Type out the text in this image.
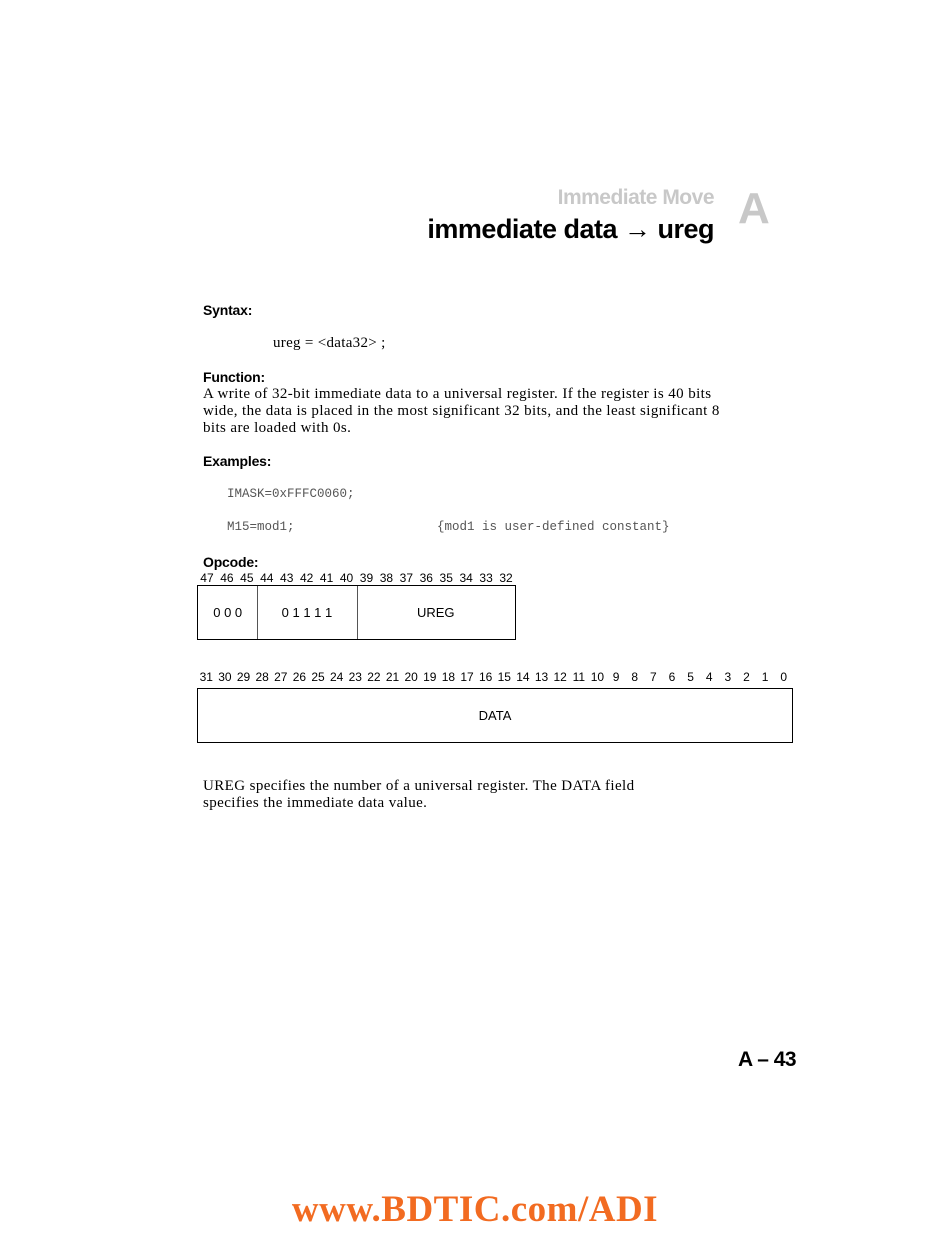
Immediate Move A
immediate data → ureg
Syntax:
ureg = <data32> ;
Function:
A write of 32-bit immediate data to a universal register. If the register is 40 bits wide, the data is placed in the most significant 32 bits, and the least significant 8 bits are loaded with 0s.
Examples:
IMASK=0xFFFC0060;
M15=mod1;	{mod1 is user-defined constant}
Opcode:
47 46 45 44 43 42 41 40 39 38 37 36 35 34 33 32
0 0 0	0 1 1 1 1	UREG
31 30 29 28 27 26 25 24 23 22 21 20 19 18 17 16 15 14 13 12 11 10 9 8 7 6 5 4 3 2 1 0
DATA
UREG specifies the number of a universal register. The DATA field specifies the immediate data value.
A – 43
www.BDTIC.com/ADI
